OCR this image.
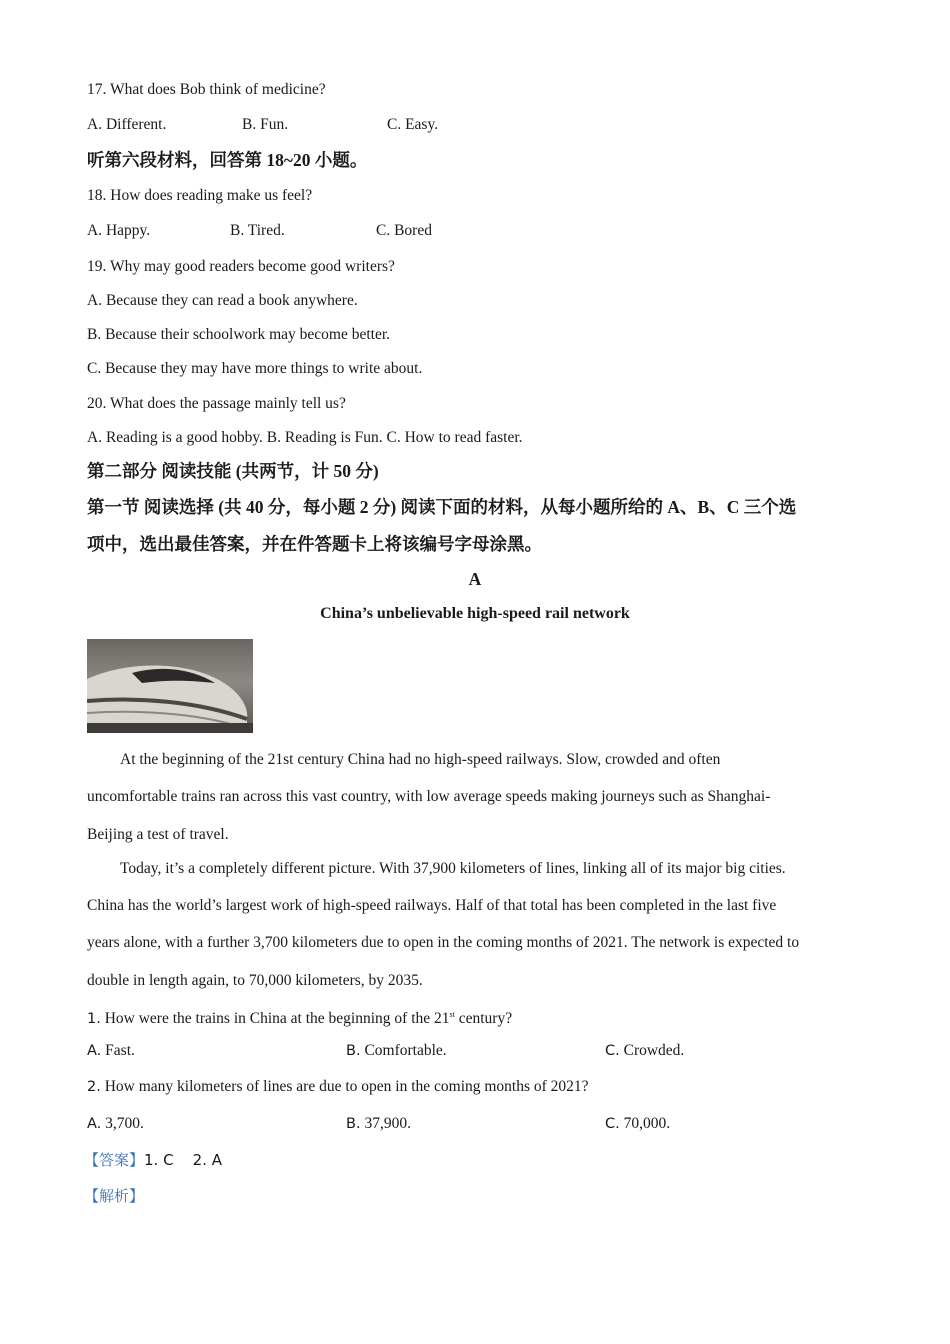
17. What does Bob think of medicine?
A. Different.	B. Fun.	C. Easy.
听第六段材料，回答第 18~20 小题。
18. How does reading make us feel?
A. Happy.	B. Tired.	C. Bored
19. Why may good readers become good writers?
A. Because they can read a book anywhere.
B. Because their schoolwork may become better.
C. Because they may have more things to write about.
20. What does the passage mainly tell us?
A. Reading is a good hobby. B. Reading is Fun. C. How to read faster.
第二部分 阅读技能 (共两节，计 50 分)
第一节 阅读选择 (共 40 分，每小题 2 分) 阅读下面的材料，从每小题所给的 A、B、C 三个选
项中，选出最佳答案，并在件答题卡上将该编号字母涂黑。
A
China’s unbelievable high-speed rail network
At the beginning of the 21st century China had no high-speed railways. Slow, crowded and often
uncomfortable trains ran across this vast country, with low average speeds making journeys such as Shanghai-
Beijing a test of travel.
Today, it’s a completely different picture. With 37,900 kilometers of lines, linking all of its major big cities.
China has the world’s largest work of high-speed railways. Half of that total has been completed in the last five
years alone, with a further 3,700 kilometers due to open in the coming months of 2021. The network is expected to
double in length again, to 70,000 kilometers, by 2035.
1. How were the trains in China at the beginning of the 21st century?
A. Fast.	B. Comfortable.	C. Crowded.
2. How many kilometers of lines are due to open in the coming months of 2021?
A. 3,700.	B. 37,900.	C. 70,000.
【答案】1. C    2. A
【解析】
